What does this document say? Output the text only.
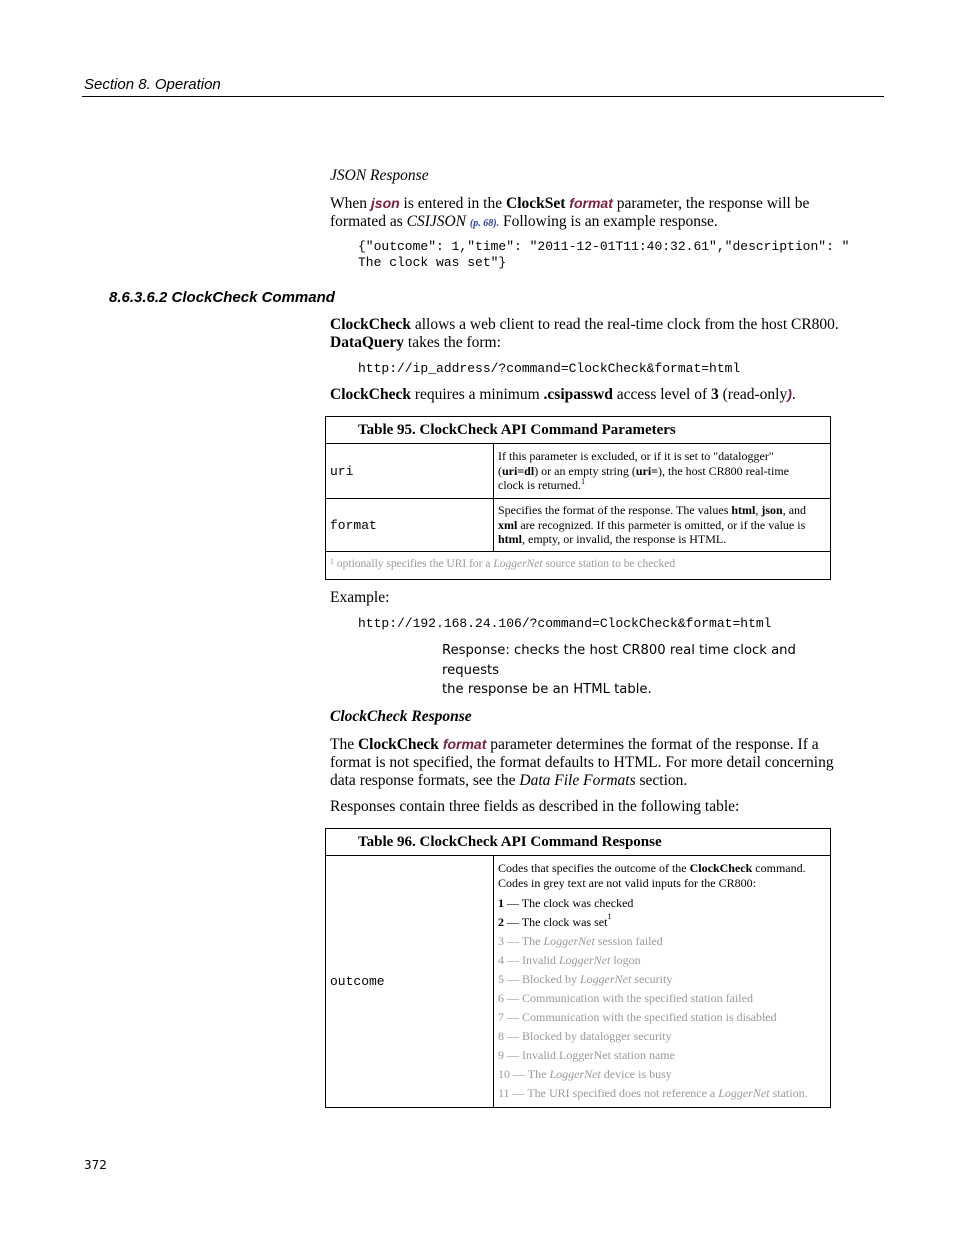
Section 8. Operation
JSON Response
When json is entered in the ClockSet format parameter, the response will be
formated as CSIJSON (p. 68). Following is an example response.
{"outcome": 1,"time": "2011-12-01T11:40:32.61","description": "
The clock was set"}
8.6.3.6.2 ClockCheck Command
ClockCheck allows a web client to read the real-time clock from the host CR800.
DataQuery takes the form:
http://ip_address/?command=ClockCheck&format=html
ClockCheck requires a minimum .csipasswd access level of 3 (read-only).
Table 95. ClockCheck API Command Parameters	
uri	If this parameter is excluded, or if it is set to "datalogger"
(uri=dl) or an empty string (uri=), the host CR800 real-time
clock is returned.$^1$

format	Specifies the format of the response. The values html, json, and
xml are recognized. If this parmeter is omitted, or if the value is
html, empty, or invalid, the response is HTML.

$^1$ optionally specifies the URI for a LoggerNet source station to be checked	
Example:
http://192.168.24.106/?command=ClockCheck&format=html
Response: checks the host CR800 real time clock and requests
the response be an HTML table.
ClockCheck Response
The ClockCheck format parameter determines the format of the response. If a
format is not specified, the format defaults to HTML. For more detail concerning
data response formats, see the Data File Formats section.
Responses contain three fields as described in the following table:
Table 96. ClockCheck API Command Response
outcome	
Codes that specifies the outcome of the ClockCheck command.
Codes in grey text are not valid inputs for the CR800:
1 — The clock was checked
2 — The clock was set$^1$
3 — The LoggerNet session failed
4 — Invalid LoggerNet logon
5 — Blocked by LoggerNet security
6 — Communication with the specified station failed
7 — Communication with the specified station is disabled
8 — Blocked by datalogger security
9 — Invalid LoggerNet station name
10 — The LoggerNet device is busy
11 — The URI specified does not reference a LoggerNet station.
372
